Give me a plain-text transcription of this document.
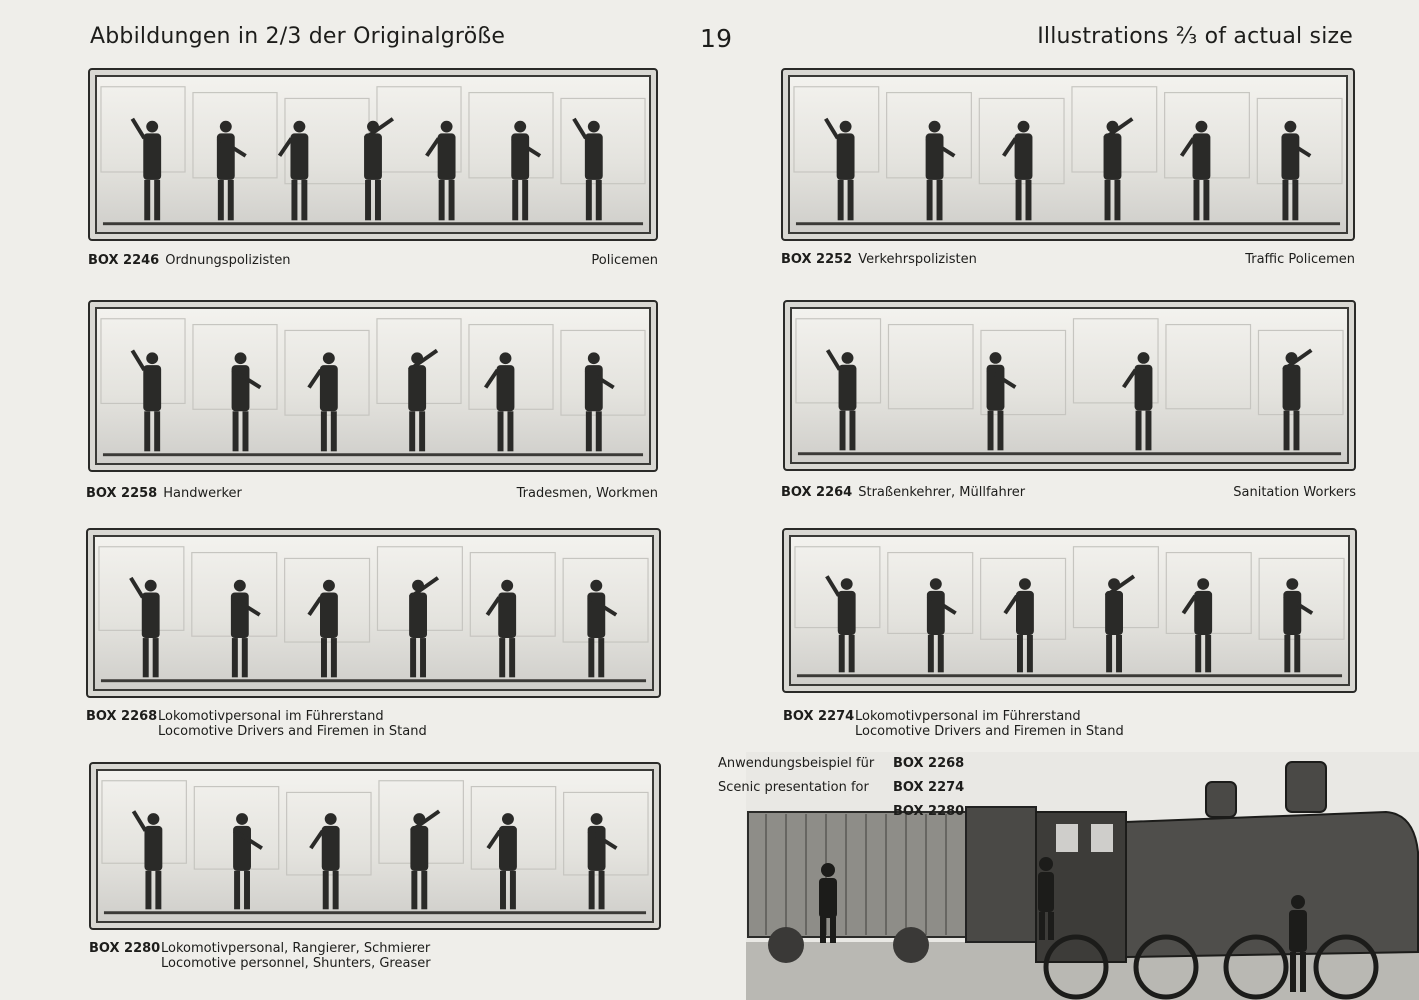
Abbildungen in 2/3 der Originalgröße	19	Illustrations ⅔ of actual size
BOX 2246 Ordnungspolizisten	Policemen	BOX 2252 Verkehrspolizisten	Traffic Policemen
BOX 2258 Handwerker	Tradesmen, Workmen	BOX 2264 Straßenkehrer, Müllfahrer	Sanitation Workers
BOX 2268 Lokomotivpersonal im Führerstand
Locomotive Drivers and Firemen in Stand
BOX 2274 Lokomotivpersonal im Führerstand
Locomotive Drivers and Firemen in Stand
BOX 2280 Lokomotivpersonal, Rangierer, Schmierer
Locomotive personnel, Shunters, Greaser
Anwendungsbeispiel für	BOX 2268
Scenic presentation for	BOX 2274
BOX 2280
